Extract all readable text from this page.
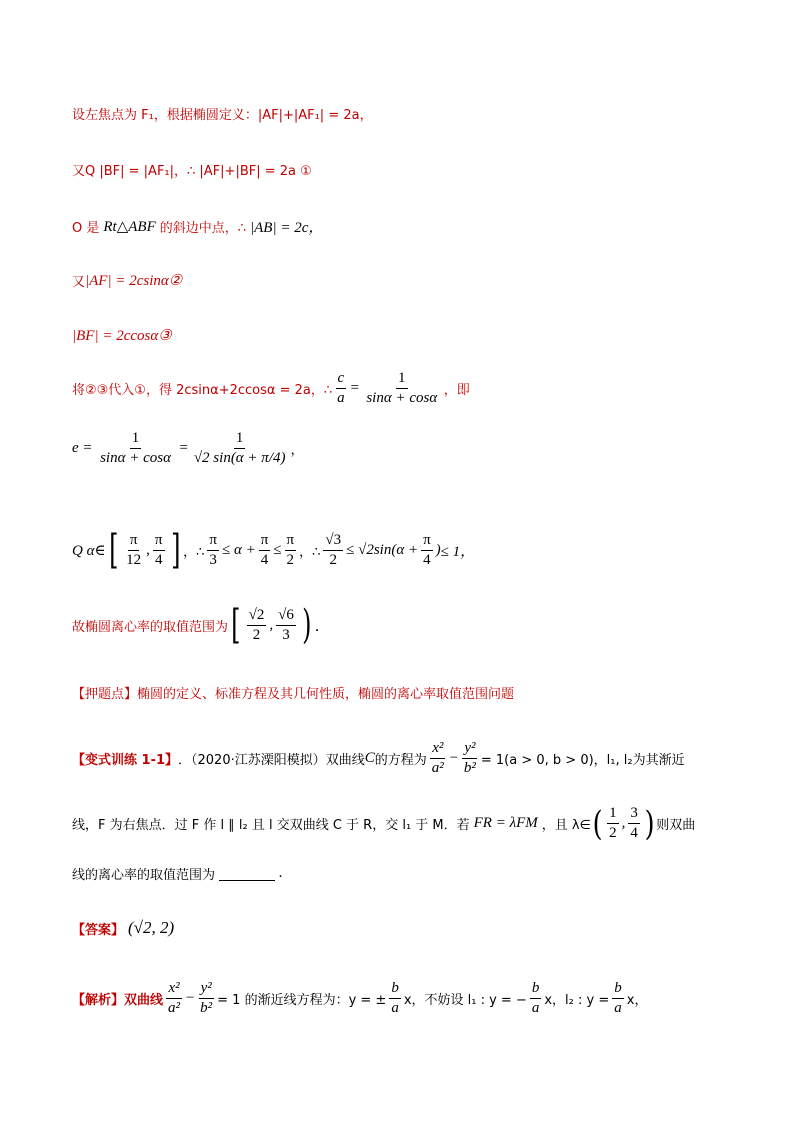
设左焦点为 F₁，根据椭圆定义：|AF|+|AF₁| = 2a，
又Q |BF| = |AF₁|，∴ |AF|+|BF| = 2a ①
O 是 Rt△ABF 的斜边中点，∴ |AB| = 2c，
又 |AF| = 2csinα②
|BF| = 2ccosα③
将②③代入①，得 2csinα+2ccosα = 2a，∴ $\frac{c}{a} = \frac{1}{\sin\alpha + \cos\alpha}$ ，即
$e = \frac{1}{\sin\alpha + \cos\alpha} = \frac{1}{√2 \sin(\alpha + \pi/4)}$ ，
Q α∈ [ $\frac{\pi}{12}$ , $\frac{\pi}{4}$ ] ，∴ $\frac{\pi}{3} \le \alpha + \frac{\pi}{4} \le \frac{\pi}{2}$ ，∴ $\frac{√3}{2} \le √2\sin(\alpha + \frac{\pi}{4}$ ) ≤ 1，
故椭圆离心率的取值范围为 [ $\frac{√2}{2}$ , $\frac{√6}{3}$ ) ．
【押题点】椭圆的定义、标准方程及其几何性质，椭圆的离心率取值范围问题
【变式训练 1-1】 ．（2020·江苏溧阳模拟）双曲线 C 的方程为 $\frac{\text{x²}}{\text{a²}} - \frac{\text{y²}}{\text{b²}} = 1(a > 0$, b > 0)，l₁, l₂为其渐近
线，F 为右焦点．过 F 作 l ∥ l₂ 且 l 交双曲线 C 于 R，交 l₁ 于 M．若 FR = λFM ，且 λ∈ ( $\frac{1}{2}$ , $\frac{3}{4}$ ) 则双曲
线的离心率的取值范围为	.
【答案】 (√2, 2)
【解析】双曲线 $\frac{\text{x²}}{\text{a²}} - \frac{\text{y²}}{\text{b²}} = 1$ 的渐近线方程为：y = ± $\frac{b}{a}$ x，不妨设 l₁ : y = − $\frac{b}{a}$ x，l₂ : $y = \frac{b}{a}$ x，
